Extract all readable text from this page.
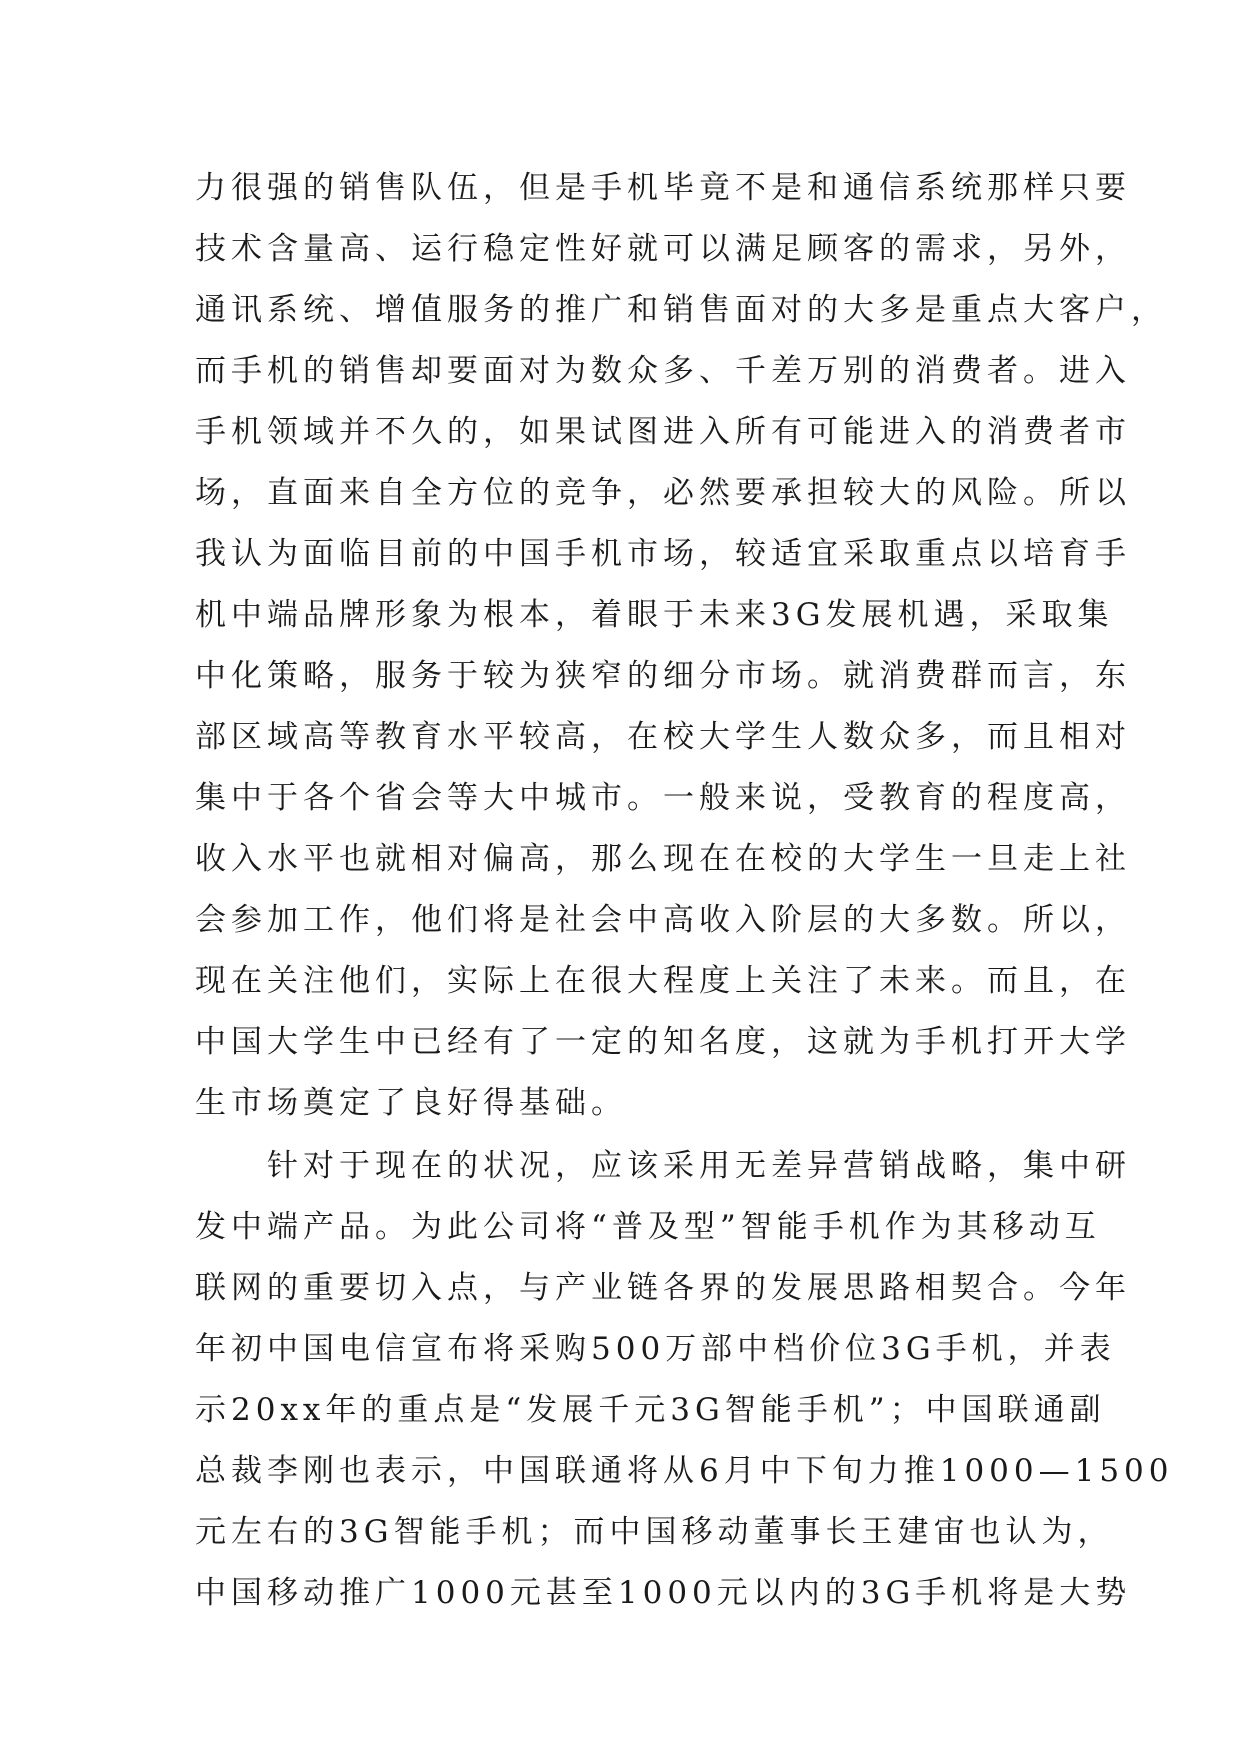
力很强的销售队伍，但是手机毕竟不是和通信系统那样只要
技术含量高、运行稳定性好就可以满足顾客的需求，另外，
通讯系统、增值服务的推广和销售面对的大多是重点大客户，
而手机的销售却要面对为数众多、千差万别的消费者。进入
手机领域并不久的，如果试图进入所有可能进入的消费者市
场，直面来自全方位的竞争，必然要承担较大的风险。所以
我认为面临目前的中国手机市场，较适宜采取重点以培育手
机中端品牌形象为根本，着眼于未来3G发展机遇，采取集
中化策略，服务于较为狭窄的细分市场。就消费群而言，东
部区域高等教育水平较高，在校大学生人数众多，而且相对
集中于各个省会等大中城市。一般来说，受教育的程度高，
收入水平也就相对偏高，那么现在在校的大学生一旦走上社
会参加工作，他们将是社会中高收入阶层的大多数。所以，
现在关注他们，实际上在很大程度上关注了未来。而且，在
中国大学生中已经有了一定的知名度，这就为手机打开大学
生市场奠定了良好得基础。
　　针对于现在的状况，应该采用无差异营销战略，集中研
发中端产品。为此公司将“普及型”智能手机作为其移动互
联网的重要切入点，与产业链各界的发展思路相契合。今年
年初中国电信宣布将采购500万部中档价位3G手机，并表
示20xx年的重点是“发展千元3G智能手机”；中国联通副
总裁李刚也表示，中国联通将从6月中下旬力推1000—1500
元左右的3G智能手机；而中国移动董事长王建宙也认为，
中国移动推广1000元甚至1000元以内的3G手机将是大势
